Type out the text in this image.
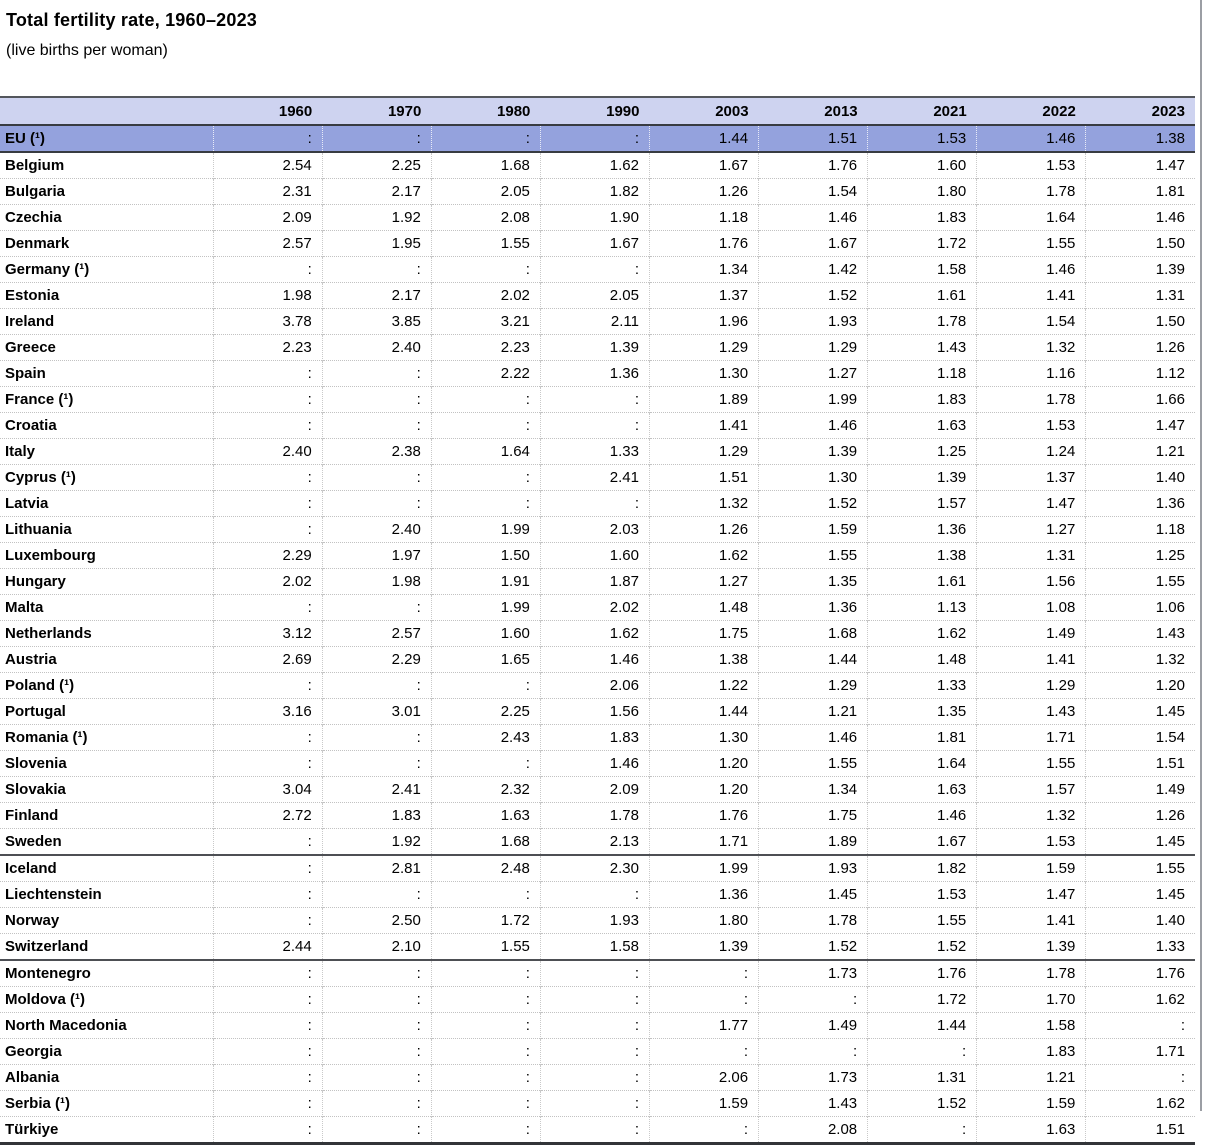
Total fertility rate, 1960–2023
(live births per woman)
	1960	1970	1980	1990	2003	2013	2021	2022	2023
EU (¹)	:	:	:	:	1.44	1.51	1.53	1.46	1.38
Belgium	2.54	2.25	1.68	1.62	1.67	1.76	1.60	1.53	1.47
Bulgaria	2.31	2.17	2.05	1.82	1.26	1.54	1.80	1.78	1.81
Czechia	2.09	1.92	2.08	1.90	1.18	1.46	1.83	1.64	1.46
Denmark	2.57	1.95	1.55	1.67	1.76	1.67	1.72	1.55	1.50
Germany (¹)	:	:	:	:	1.34	1.42	1.58	1.46	1.39
Estonia	1.98	2.17	2.02	2.05	1.37	1.52	1.61	1.41	1.31
Ireland	3.78	3.85	3.21	2.11	1.96	1.93	1.78	1.54	1.50
Greece	2.23	2.40	2.23	1.39	1.29	1.29	1.43	1.32	1.26
Spain	:	:	2.22	1.36	1.30	1.27	1.18	1.16	1.12
France (¹)	:	:	:	:	1.89	1.99	1.83	1.78	1.66
Croatia	:	:	:	:	1.41	1.46	1.63	1.53	1.47
Italy	2.40	2.38	1.64	1.33	1.29	1.39	1.25	1.24	1.21
Cyprus (¹)	:	:	:	2.41	1.51	1.30	1.39	1.37	1.40
Latvia	:	:	:	:	1.32	1.52	1.57	1.47	1.36
Lithuania	:	2.40	1.99	2.03	1.26	1.59	1.36	1.27	1.18
Luxembourg	2.29	1.97	1.50	1.60	1.62	1.55	1.38	1.31	1.25
Hungary	2.02	1.98	1.91	1.87	1.27	1.35	1.61	1.56	1.55
Malta	:	:	1.99	2.02	1.48	1.36	1.13	1.08	1.06
Netherlands	3.12	2.57	1.60	1.62	1.75	1.68	1.62	1.49	1.43
Austria	2.69	2.29	1.65	1.46	1.38	1.44	1.48	1.41	1.32
Poland (¹)	:	:	:	2.06	1.22	1.29	1.33	1.29	1.20
Portugal	3.16	3.01	2.25	1.56	1.44	1.21	1.35	1.43	1.45
Romania (¹)	:	:	2.43	1.83	1.30	1.46	1.81	1.71	1.54
Slovenia	:	:	:	1.46	1.20	1.55	1.64	1.55	1.51
Slovakia	3.04	2.41	2.32	2.09	1.20	1.34	1.63	1.57	1.49
Finland	2.72	1.83	1.63	1.78	1.76	1.75	1.46	1.32	1.26
Sweden	:	1.92	1.68	2.13	1.71	1.89	1.67	1.53	1.45
Iceland	:	2.81	2.48	2.30	1.99	1.93	1.82	1.59	1.55
Liechtenstein	:	:	:	:	1.36	1.45	1.53	1.47	1.45
Norway	:	2.50	1.72	1.93	1.80	1.78	1.55	1.41	1.40
Switzerland	2.44	2.10	1.55	1.58	1.39	1.52	1.52	1.39	1.33
Montenegro	:	:	:	:	:	1.73	1.76	1.78	1.76
Moldova (¹)	:	:	:	:	:	:	1.72	1.70	1.62
North Macedonia	:	:	:	:	1.77	1.49	1.44	1.58	:
Georgia	:	:	:	:	:	:	:	1.83	1.71
Albania	:	:	:	:	2.06	1.73	1.31	1.21	:
Serbia (¹)	:	:	:	:	1.59	1.43	1.52	1.59	1.62
Türkiye	:	:	:	:	:	2.08	:	1.63	1.51
